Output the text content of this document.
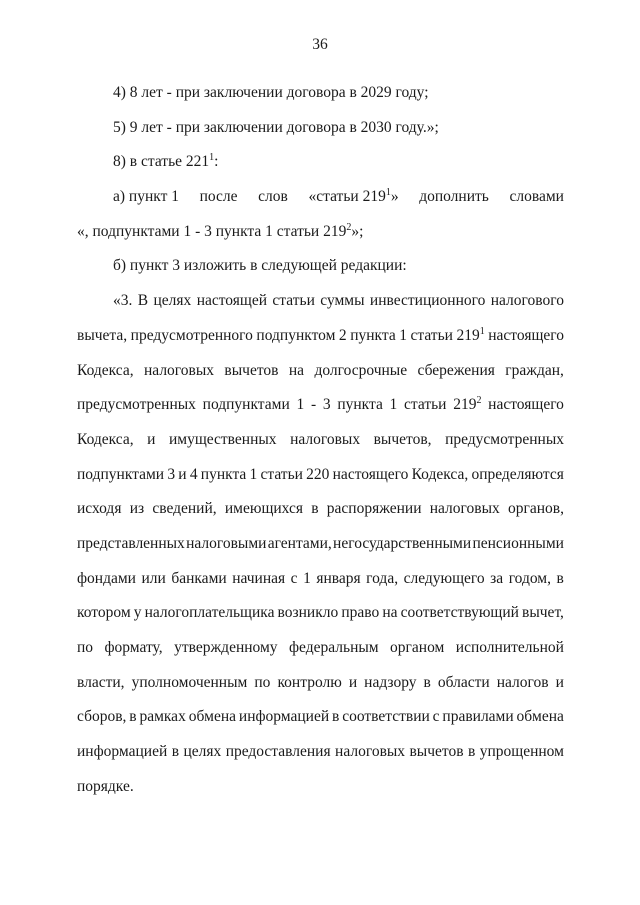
36
4) 8 лет - при заключении договора в 2029 году;
5) 9 лет - при заключении договора в 2030 году.»;
8) в статье $221^1$:
а) пункт 1 после слов «статьи $219^1$» дополнить словами
«, подпунктами 1 - 3 пункта 1 статьи $219^2$»;
б) пункт 3 изложить в следующей редакции:
«3. В целях настоящей статьи суммы инвестиционного налогового
вычета, предусмотренного подпунктом 2 пункта 1 статьи $219^1$ настоящего
Кодекса, налоговых вычетов на долгосрочные сбережения граждан,
предусмотренных подпунктами 1 - 3 пункта 1 статьи $219^2$ настоящего
Кодекса, и имущественных налоговых вычетов, предусмотренных
подпунктами 3 и 4 пункта 1 статьи 220 настоящего Кодекса, определяются
исходя из сведений, имеющихся в распоряжении налоговых органов,
представленных налоговыми агентами, негосударственными пенсионными
фондами или банками начиная с 1 января года, следующего за годом, в
котором у налогоплательщика возникло право на соответствующий вычет,
по формату, утвержденному федеральным органом исполнительной
власти, уполномоченным по контролю и надзору в области налогов и
сборов, в рамках обмена информацией в соответствии с правилами обмена
информацией в целях предоставления налоговых вычетов в упрощенном
порядке.
